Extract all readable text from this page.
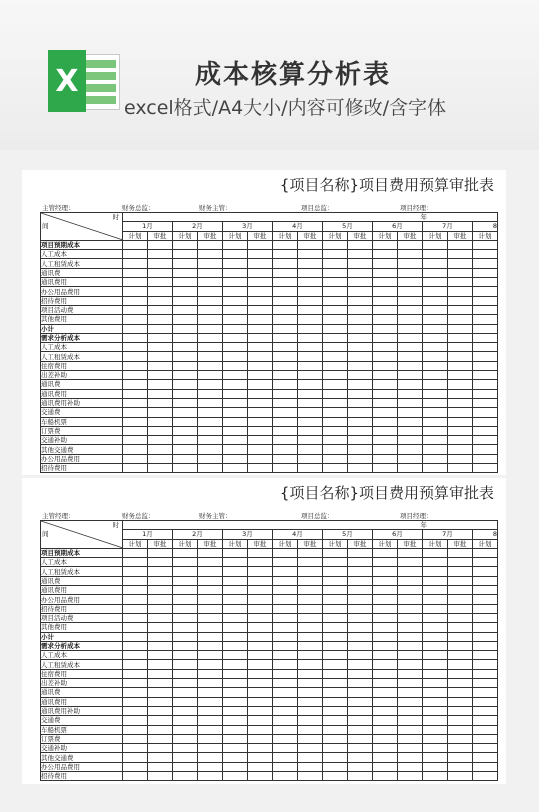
X	成本核算分析表
excel格式/A4大小/内容可修改/含字体
{项目名称}项目费用预算审批表
主管经理：	财务总监：	财务主管：	项目总监：	项目经理：
时
间	年														
	1月		2月		3月		4月		5月		6月		7月		8
	计划	审批	计划	审批	计划	审批	计划	审批	计划	审批	计划	审批	计划	审批	计划
项目预期成本															
人工成本															
人工租赁成本															
通讯费															
通讯费用															
办公用品费用															
招待费用															
项目活动费															
其他费用															
小计															
需求分析成本															
人工成本															
人工租赁成本															
住宿费用															
出差补助															
通讯费															
通讯费用															
通讯费用补助															
交通费															
车船机票															
订票费															
交通补助															
其他交通费															
办公用品费用															
招待费用															
{项目名称}项目费用预算审批表
主管经理：	财务总监：	财务主管：	项目总监：	项目经理：
时
间	年														
	1月		2月		3月		4月		5月		6月		7月		8
	计划	审批	计划	审批	计划	审批	计划	审批	计划	审批	计划	审批	计划	审批	计划
项目预期成本															
人工成本															
人工租赁成本															
通讯费															
通讯费用															
办公用品费用															
招待费用															
项目活动费															
其他费用															
小计															
需求分析成本															
人工成本															
人工租赁成本															
住宿费用															
出差补助															
通讯费															
通讯费用															
通讯费用补助															
交通费															
车船机票															
订票费															
交通补助															
其他交通费															
办公用品费用															
招待费用															
